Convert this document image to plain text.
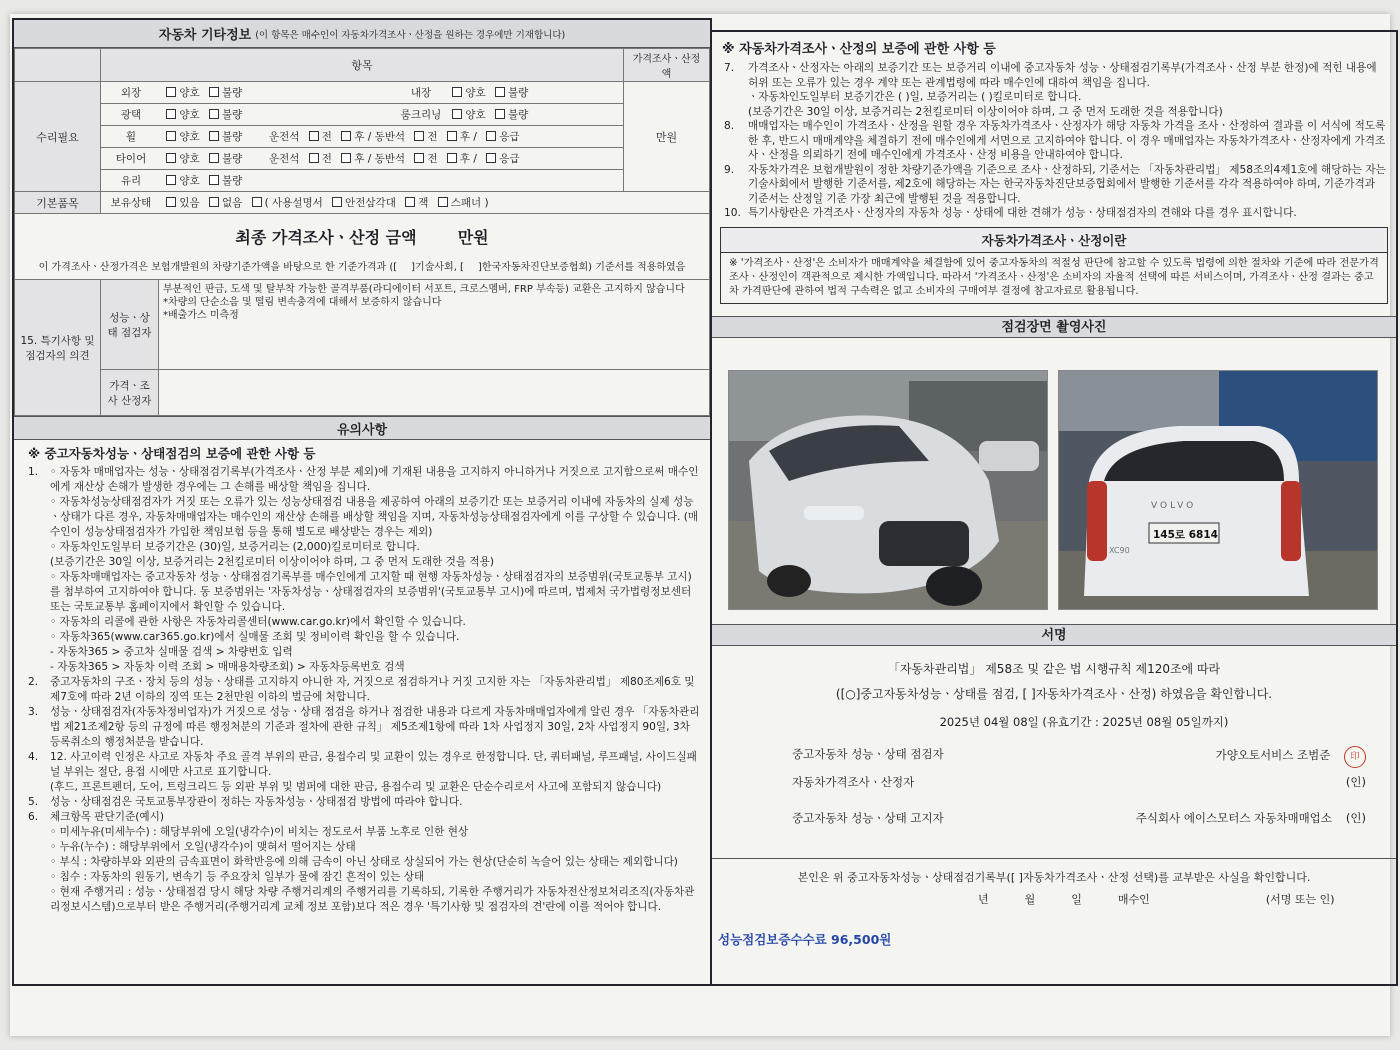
자동차 기타정보 (이 항목은 매수인이 자동차가격조사ㆍ산정을 원하는 경우에만 기재합니다)
	항목		가격조사ㆍ산정액
수리필요	외장 양호 불량 내장 양호 불량		만원
	광택 양호 불량 룸크리닝 양호 불량		
	휠 양호 불량 운전석 전 후 / 동반석 전 후 / 응급		
	타이어 양호 불량 운전석 전 후 / 동반석 전 후 / 응급		
	유리 양호 불량		
기본품목	보유상태 있음 없음 ( 사용설명서 안전삼각대 잭 스패너 )		

최종 가격조사ㆍ산정 금액 만원
이 가격조사ㆍ산정가격은 보험개발원의 차량기준가액을 바탕으로 한 기준가격과 ([ ]기술사회, [ ]한국자동차진단보증협회) 기준서를 적용하였음			

15. 특기사항 및 점검자의 의견	성능ㆍ상태 점검자	부분적인 판금, 도색 및 탈부착 가능한 골격부품(라디에이터 서포트, 크로스멤버, FRP 부속등) 교환은 고지하지 않습니다
*차량의 단순소음 및 떨림 변속충격에 대해서 보증하지 않습니다
*배출가스 미측정	

	가격ㆍ조사 산정자		
유의사항
※ 중고자동차성능ㆍ상태점검의 보증에 관한 사항 등
1.	◦ 자동차 매매업자는 성능ㆍ상태점검기록부(가격조사ㆍ산정 부분 제외)에 기재된 내용을 고지하지 아니하거나 거짓으로 고지함으로써 매수인에게 재산상 손해가 발생한 경우에는 그 손해를 배상할 책임을 집니다.
◦ 자동차성능상태점검자가 거짓 또는 오류가 있는 성능상태점검 내용을 제공하여 아래의 보증기간 또는 보증거리 이내에 자동차의 실제 성능ㆍ상태가 다른 경우, 자동차매매업자는 매수인의 재산상 손해를 배상할 책임을 지며, 자동차성능상태점검자에게 이를 구상할 수 있습니다. (매수인이 성능상태점검자가 가입한 책임보험 등을 통해 별도로 배상받는 경우는 제외)
◦ 자동차인도일부터 보증기간은 (30)일, 보증거리는 (2,000)킬로미터로 합니다.
(보증기간은 30일 이상, 보증거리는 2천킬로미터 이상이어야 하며, 그 중 먼저 도래한 것을 적용)
◦ 자동차매매업자는 중고자동차 성능ㆍ상태점검기록부를 매수인에게 고지할 때 현행 자동차성능ㆍ상태점검자의 보증범위(국토교통부 고시)를 첨부하여 고지하여야 합니다. 동 보증범위는 '자동차성능ㆍ상태점검자의 보증범위'(국토교통부 고시)에 따르며, 법제처 국가법령정보센터 또는 국토교통부 홈페이지에서 확인할 수 있습니다.
◦ 자동차의 리콜에 관한 사항은 자동차리콜센터(www.car.go.kr)에서 확인할 수 있습니다.
◦ 자동차365(www.car365.go.kr)에서 실매물 조회 및 정비이력 확인을 할 수 있습니다.
- 자동차365 > 중고차 실매물 검색 > 차량번호 입력
- 자동차365 > 자동차 이력 조회 > 매매용차량조회) > 자동차등록번호 검색
2.	중고자동차의 구조ㆍ장치 등의 성능ㆍ상태를 고지하지 아니한 자, 거짓으로 점검하거나 거짓 고지한 자는 「자동차관리법」 제80조제6호 및 제7호에 따라 2년 이하의 징역 또는 2천만원 이하의 벌금에 처합니다.
3.	성능ㆍ상태점검자(자동차정비업자)가 거짓으로 성능ㆍ상태 점검을 하거나 점검한 내용과 다르게 자동차매매업자에게 알린 경우 「자동차관리법 제21조제2항 등의 규정에 따른 행정처분의 기준과 절차에 관한 규칙」 제5조제1항에 따라 1차 사업정지 30일, 2차 사업정지 90일, 3차 등록취소의 행정처분을 받습니다.
4.	12. 사고이력 인정은 사고로 자동차 주요 골격 부위의 판금, 용접수리 및 교환이 있는 경우로 한정합니다. 단, 쿼터패널, 루프패널, 사이드실패널 부위는 절단, 용접 시에만 사고로 표기합니다.
(후드, 프론트펜더, 도어, 트렁크리드 등 외판 부위 및 범퍼에 대한 판금, 용접수리 및 교환은 단순수리로서 사고에 포함되지 않습니다)
5.	성능ㆍ상태점검은 국토교통부장관이 정하는 자동차성능ㆍ상태점검 방법에 따라야 합니다.
6.	체크항목 판단기준(예시)
◦ 미세누유(미세누수) : 해당부위에 오일(냉각수)이 비치는 정도로서 부품 노후로 인한 현상
◦ 누유(누수) : 해당부위에서 오일(냉각수)이 맺혀서 떨어지는 상태
◦ 부식 : 차량하부와 외판의 금속표면이 화학반응에 의해 금속이 아닌 상태로 상실되어 가는 현상(단순히 녹슬어 있는 상태는 제외합니다)
◦ 침수 : 자동차의 원동기, 변속기 등 주요장치 일부가 물에 잠긴 흔적이 있는 상태
◦ 현재 주행거리 : 성능ㆍ상태점검 당시 해당 차량 주행거리계의 주행거리를 기록하되, 기록한 주행거리가 자동차전산정보처리조직(자동차관리정보시스템)으로부터 받은 주행거리(주행거리계 교체 정보 포함)보다 적은 경우 '특기사항 및 점검자의 견'란에 이를 적어야 합니다.
※ 자동차가격조사ㆍ산정의 보증에 관한 사항 등
7.	가격조사ㆍ산정자는 아래의 보증기간 또는 보증거리 이내에 중고자동차 성능ㆍ상태점검기록부(가격조사ㆍ산정 부분 한정)에 적힌 내용에 허위 또는 오류가 있는 경우 계약 또는 관계법령에 따라 매수인에 대하여 책임을 집니다.
ㆍ자동차인도일부터 보증기간은 ( )일, 보증거리는 ( )킬로미터로 합니다.
(보증기간은 30일 이상, 보증거리는 2천킬로미터 이상이어야 하며, 그 중 먼저 도래한 것을 적용합니다)
8.	매매업자는 매수인이 가격조사ㆍ산정을 원할 경우 자동차가격조사ㆍ산정자가 해당 자동차 가격을 조사ㆍ산정하여 결과를 이 서식에 적도록 한 후, 반드시 매매계약을 체결하기 전에 매수인에게 서면으로 고지하여야 합니다. 이 경우 매매업자는 자동차가격조사ㆍ산정자에게 가격조사ㆍ산정을 의뢰하기 전에 매수인에게 가격조사ㆍ산정 비용을 안내하여야 합니다.
9.	자동차가격은 보험개발원이 정한 차량기준가액을 기준으로 조사ㆍ산정하되, 기준서는 「자동차관리법」 제58조의4제1호에 해당하는 자는 기술사회에서 발행한 기준서를, 제2호에 해당하는 자는 한국자동차진단보증협회에서 발행한 기준서를 각각 적용하여야 하며, 기준가격과 기준서는 산정일 기준 가장 최근에 발행된 것을 적용합니다.
10. 특기사항란은 가격조사ㆍ산정자의 자동차 성능ㆍ상태에 대한 견해가 성능ㆍ상태점검자의 견해와 다를 경우 표시합니다.
자동차가격조사ㆍ산정이란
※ '가격조사ㆍ산정'은 소비자가 매매계약을 체결함에 있어 중고자동차의 적절성 판단에 참고할 수 있도록 법령에 의한 절차와 기준에 따라 전문가격조사ㆍ산정인이 객관적으로 제시한 가액입니다. 따라서 '가격조사ㆍ산정'은 소비자의 자율적 선택에 따른 서비스이며, 가격조사ㆍ산정 결과는 중고차 가격판단에 관하여 법적 구속력은 없고 소비자의 구매여부 결정에 참고자료로 활용됩니다.
점검장면 촬영사진
145로 6814
VOLVO
XC90
서명
「자동차관리법」 제58조 및 같은 법 시행규칙 제120조에 따라
([○]중고자동차성능ㆍ상태를 점검, [ ]자동차가격조사ㆍ산정) 하였음을 확인합니다.
2025년 04월 08일 (유효기간 : 2025년 08월 05일까지)
중고자동차 성능ㆍ상태 점검자	가양오토서비스 조범준 印
자동차가격조사ㆍ산정자	(인)
중고자동차 성능ㆍ상태 고지자	주식회사 에이스모터스 자동차매매업소 (인)
본인은 위 중고자동차성능ㆍ상태점검기록부([ ]자동차가격조사ㆍ산정 선택)를 교부받은 사실을 확인합니다.
년	월	일	매수인	(서명 또는 인)
성능점검보증수수료 96,500원
